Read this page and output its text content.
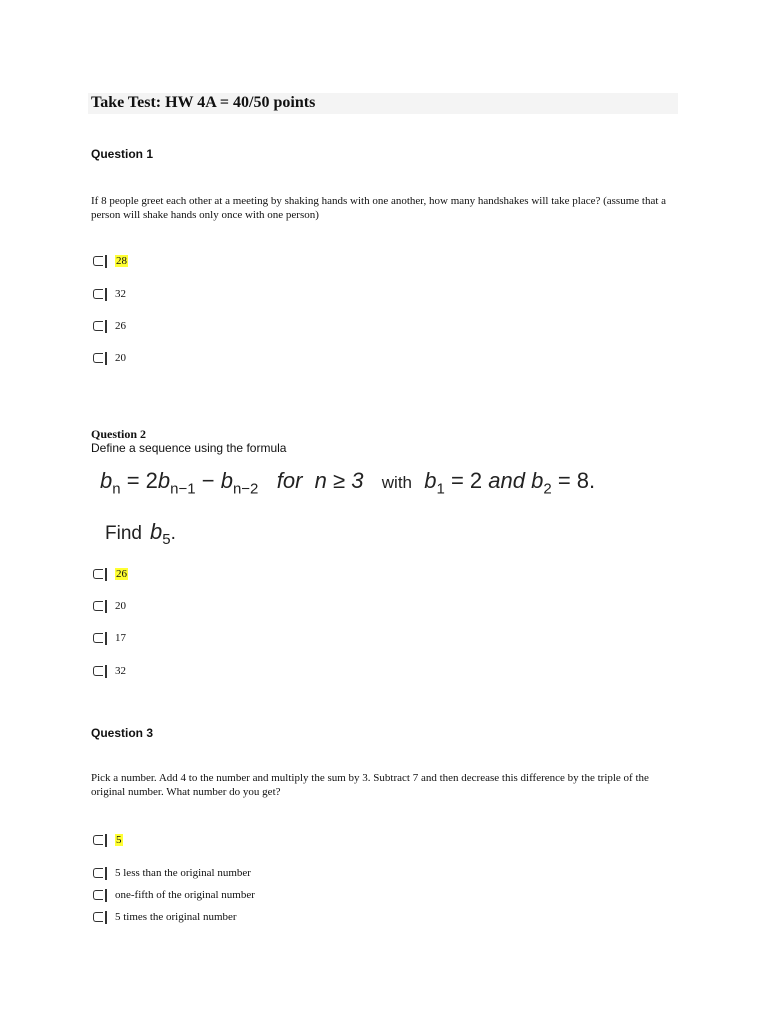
Take Test: HW 4A = 40/50 points
Question 1
If 8 people greet each other at a meeting by shaking hands with one another, how many handshakes will take place? (assume that a person will shake hands only once with one person)
28
32
26
20
Question 2
Define a sequence using the formula
$b_n = 2b_{n-1} - b_{n-2}$ for n ≥ 3 with $b_1 = 2$ and $b_2 = 8$.
Find $b_5$.
26
20
17
32
Question 3
Pick a number. Add 4 to the number and multiply the sum by 3. Subtract 7 and then decrease this difference by the triple of the original number. What number do you get?
5
5 less than the original number
one-fifth of the original number
5 times the original number
